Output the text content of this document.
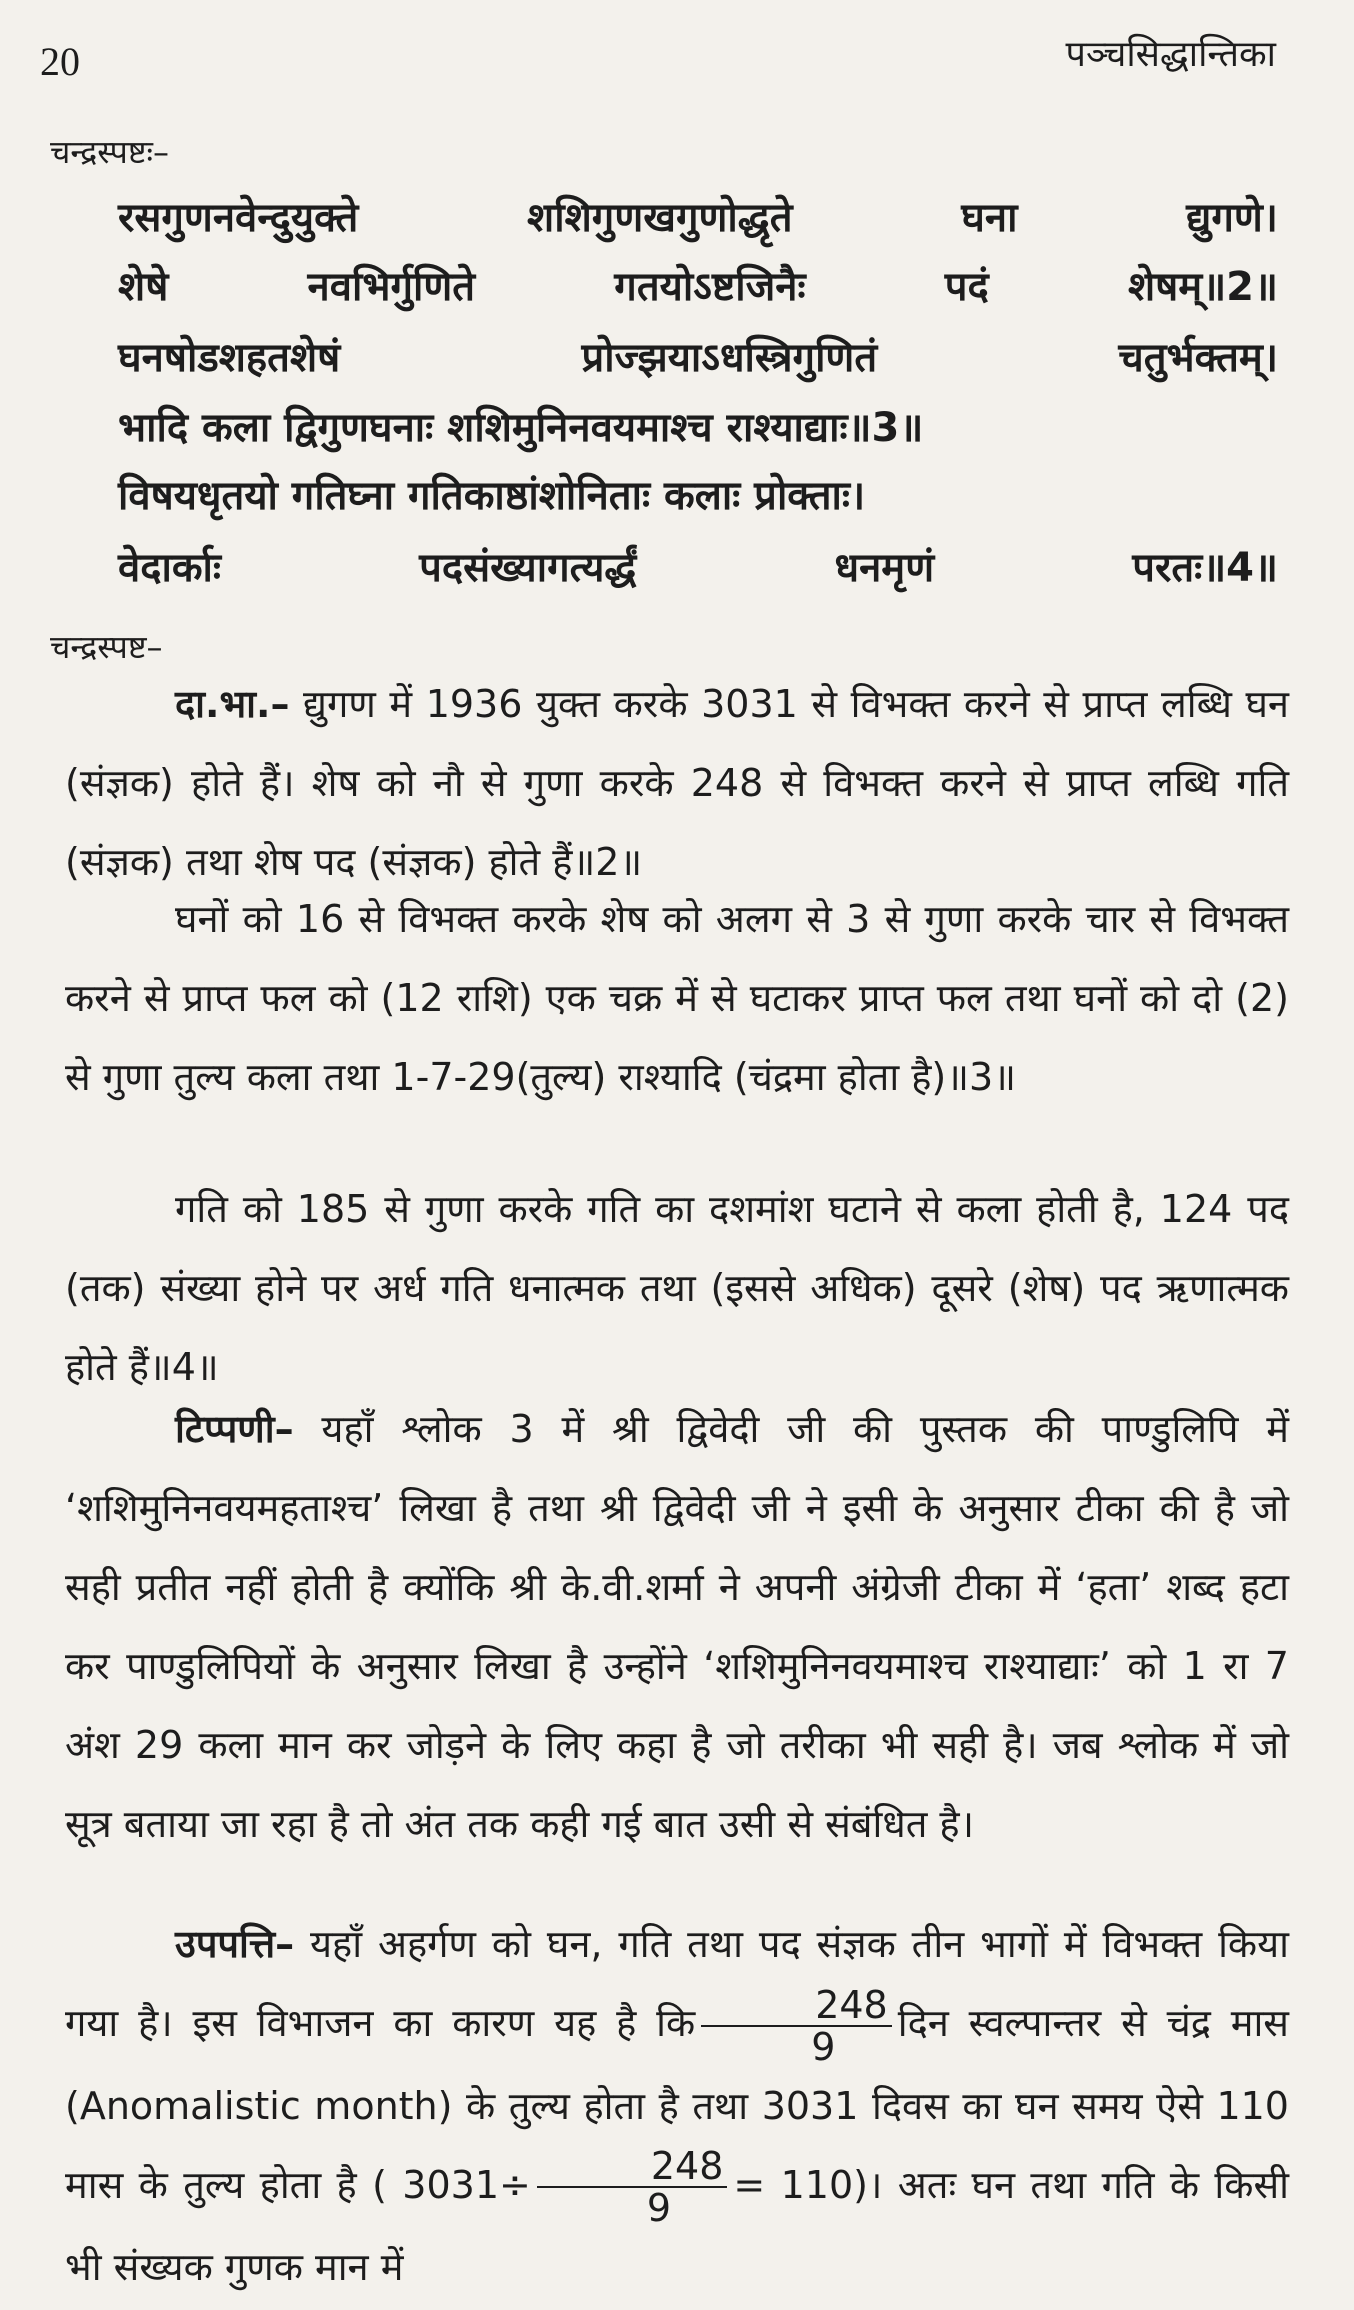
20	पञ्चसिद्धान्तिका
चन्द्रस्पष्टः–
रसगुणनवेन्दुयुक्ते	शशिगुणखगुणोद्धृते	घना	द्युगणे।
शेषे	नवभिर्गुणिते	गतयोऽष्टजिनैः	पदं	शेषम्॥2॥
घनषोडशहतशेषं	प्रोज्झयाऽधस्त्रिगुणितं	चतुर्भक्तम्।
भादि कला द्विगुणघनाः शशिमुनिनवयमाश्च राश्याद्याः॥3॥
विषयधृतयो गतिघ्ना गतिकाष्ठांशोनिताः कलाः प्रोक्ताः।
वेदार्काः	पदसंख्यागत्यर्द्धं	धनमृणं	परतः॥4॥
चन्द्रस्पष्ट–

दा.भा.– द्युगण में 1936 युक्त करके 3031 से विभक्त करने से प्राप्त लब्धि घन (संज्ञक) होते हैं। शेष को नौ से गुणा करके 248 से विभक्त करने से प्राप्त लब्धि गति (संज्ञक) तथा शेष पद (संज्ञक) होते हैं॥2॥

घनों को 16 से विभक्त करके शेष को अलग से 3 से गुणा करके चार से विभक्त करने से प्राप्त फल को (12 राशि) एक चक्र में से घटाकर प्राप्त फल तथा घनों को दो (2) से गुणा तुल्य कला तथा 1-7-29(तुल्य) राश्यादि (चंद्रमा होता है)॥3॥

गति को 185 से गुणा करके गति का दशमांश घटाने से कला होती है, 124 पद (तक) संख्या होने पर अर्ध गति धनात्मक तथा (इससे अधिक) दूसरे (शेष) पद ऋणात्मक होते हैं॥4॥

टिप्पणी– यहाँ श्लोक 3 में श्री द्विवेदी जी की पुस्तक की पाण्डुलिपि में ‘शशिमुनिनवयमहताश्च’ लिखा है तथा श्री द्विवेदी जी ने इसी के अनुसार टीका की है जो सही प्रतीत नहीं होती है क्योंकि श्री के.वी.शर्मा ने अपनी अंग्रेजी टीका में ‘हता’ शब्द हटा कर पाण्डुलिपियों के अनुसार लिखा है उन्होंने ‘शशिमुनिनवयमाश्च राश्याद्याः’ को 1 रा 7 अंश 29 कला मान कर जोड़ने के लिए कहा है जो तरीका भी सही है। जब श्लोक में जो सूत्र बताया जा रहा है तो अंत तक कही गई बात उसी से संबंधित है।

उपपत्ति– यहाँ अहर्गण को घन, गति तथा पद संज्ञक तीन भागों में विभक्त किया गया है। इस विभाजन का कारण यह है कि $\frac{248}{9}$ दिन स्वल्पान्तर से चंद्र मास (Anomalistic month) के तुल्य होता है तथा 3031 दिवस का घन समय ऐसे 110 मास के तुल्य होता है ( $3031\div \frac{248}{9}$ = 110)। अतः घन तथा गति के किसी भी संख्यक गुणक मान में
